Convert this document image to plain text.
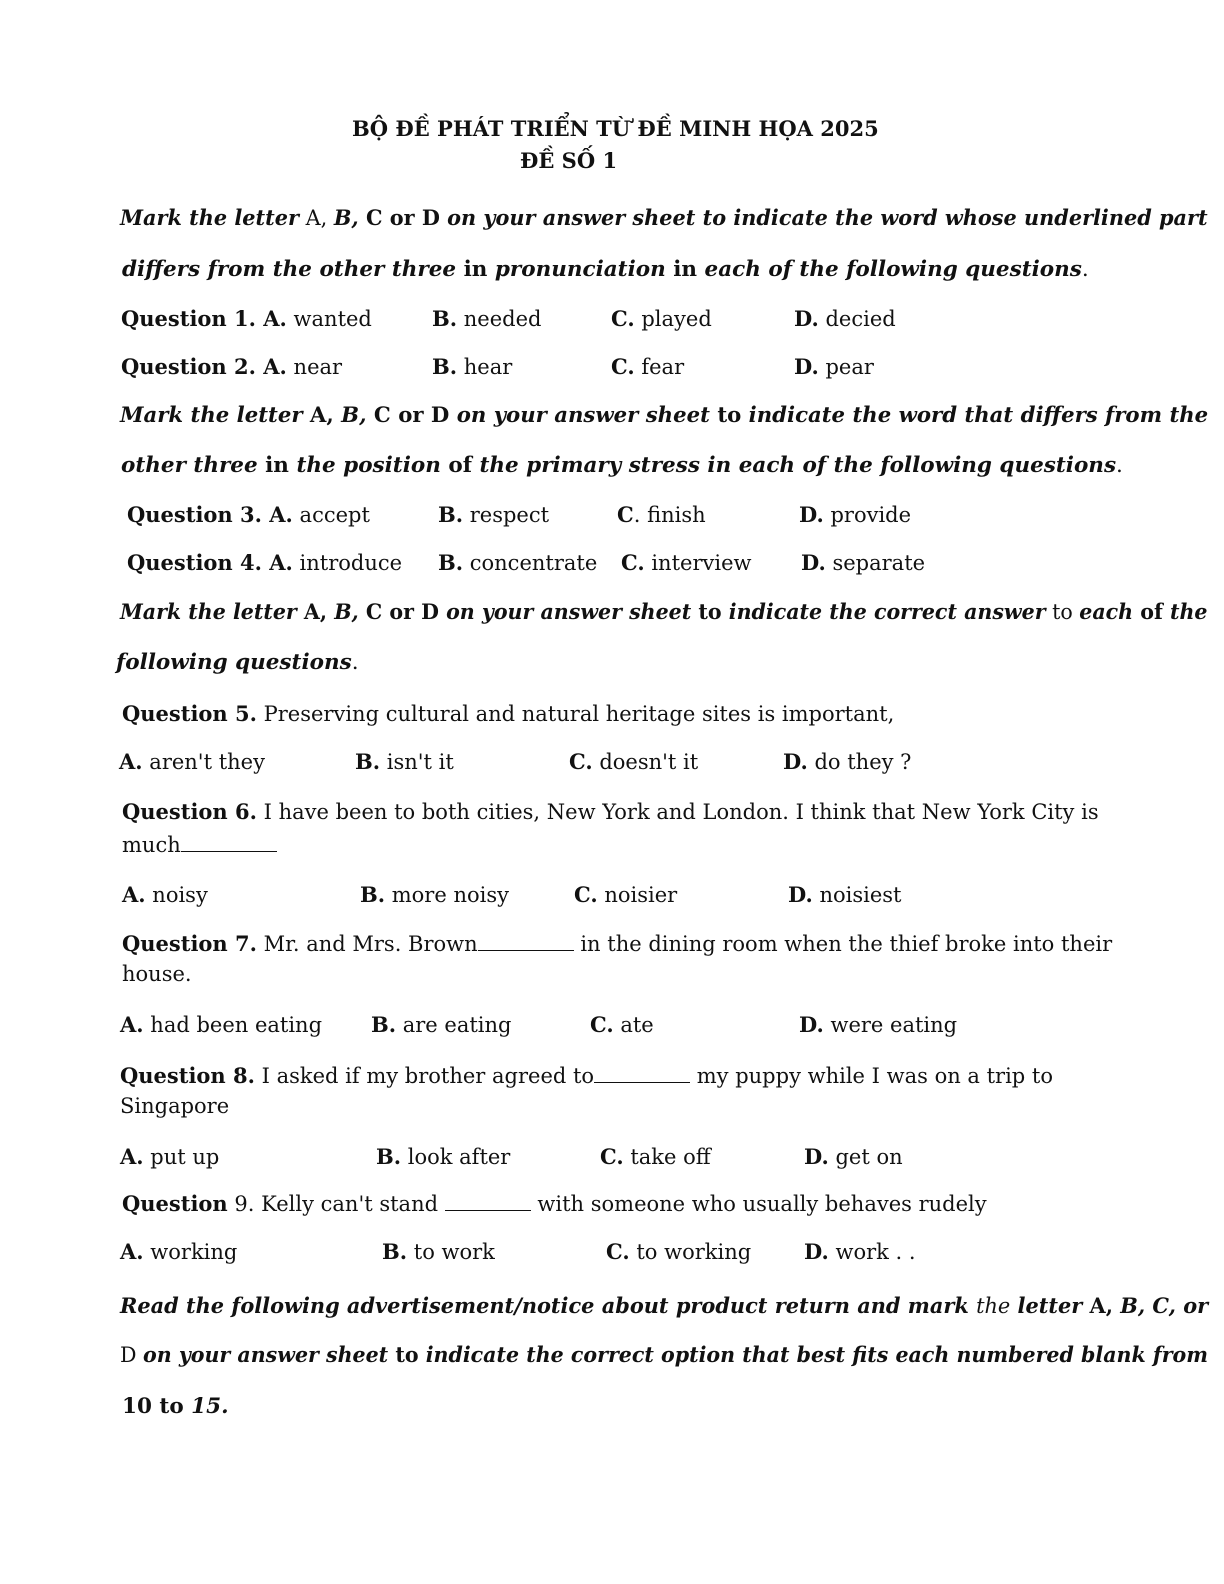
BỘ ĐỀ PHÁT TRIỂN TỪ ĐỀ MINH HỌA 2025
ĐỀ SỐ 1
Mark the letter A, B, C or D on your answer sheet to indicate the word whose underlined part
differs from the other three in pronunciation in each of the following questions.
Question 1. A. wanted	B. needed	C. played	D. decied
Question 2. A. near	B. hear	C. fear	D. pear
Mark the letter A, B, C or D on your answer sheet to indicate the word that differs from the
other three in the position of the primary stress in each of the following questions.
Question 3. A. accept	B. respect	C. finish	D. provide
Question 4. A. introduce B. concentrate C. interview D. separate
Mark the letter A, B, C or D on your answer sheet to indicate the correct answer to each of the
following questions.
Question 5. Preserving cultural and natural heritage sites is important,
A. aren't they	B. isn't it	C. doesn't it	D. do they ?
Question 6. I have been to both cities, New York and London. I think that New York City is
much
A. noisy	B. more noisy	C. noisier	D. noisiest
Question 7. Mr. and Mrs. Brown	in the dining room when the thief broke into their
house.
A. had been eating B. are eating	C. ate	D. were eating
Question 8. I asked if my brother agreed to	my puppy while I was on a trip to
Singapore
A. put up	B. look after	C. take off	D. get on
Question 9. Kelly can't stand	with someone who usually behaves rudely
A. working	B. to work	C. to working	D. work . .
Read the following advertisement/notice about product return and mark the letter A, B, C, or
D on your answer sheet to indicate the correct option that best fits each numbered blank from
10 to 15.
